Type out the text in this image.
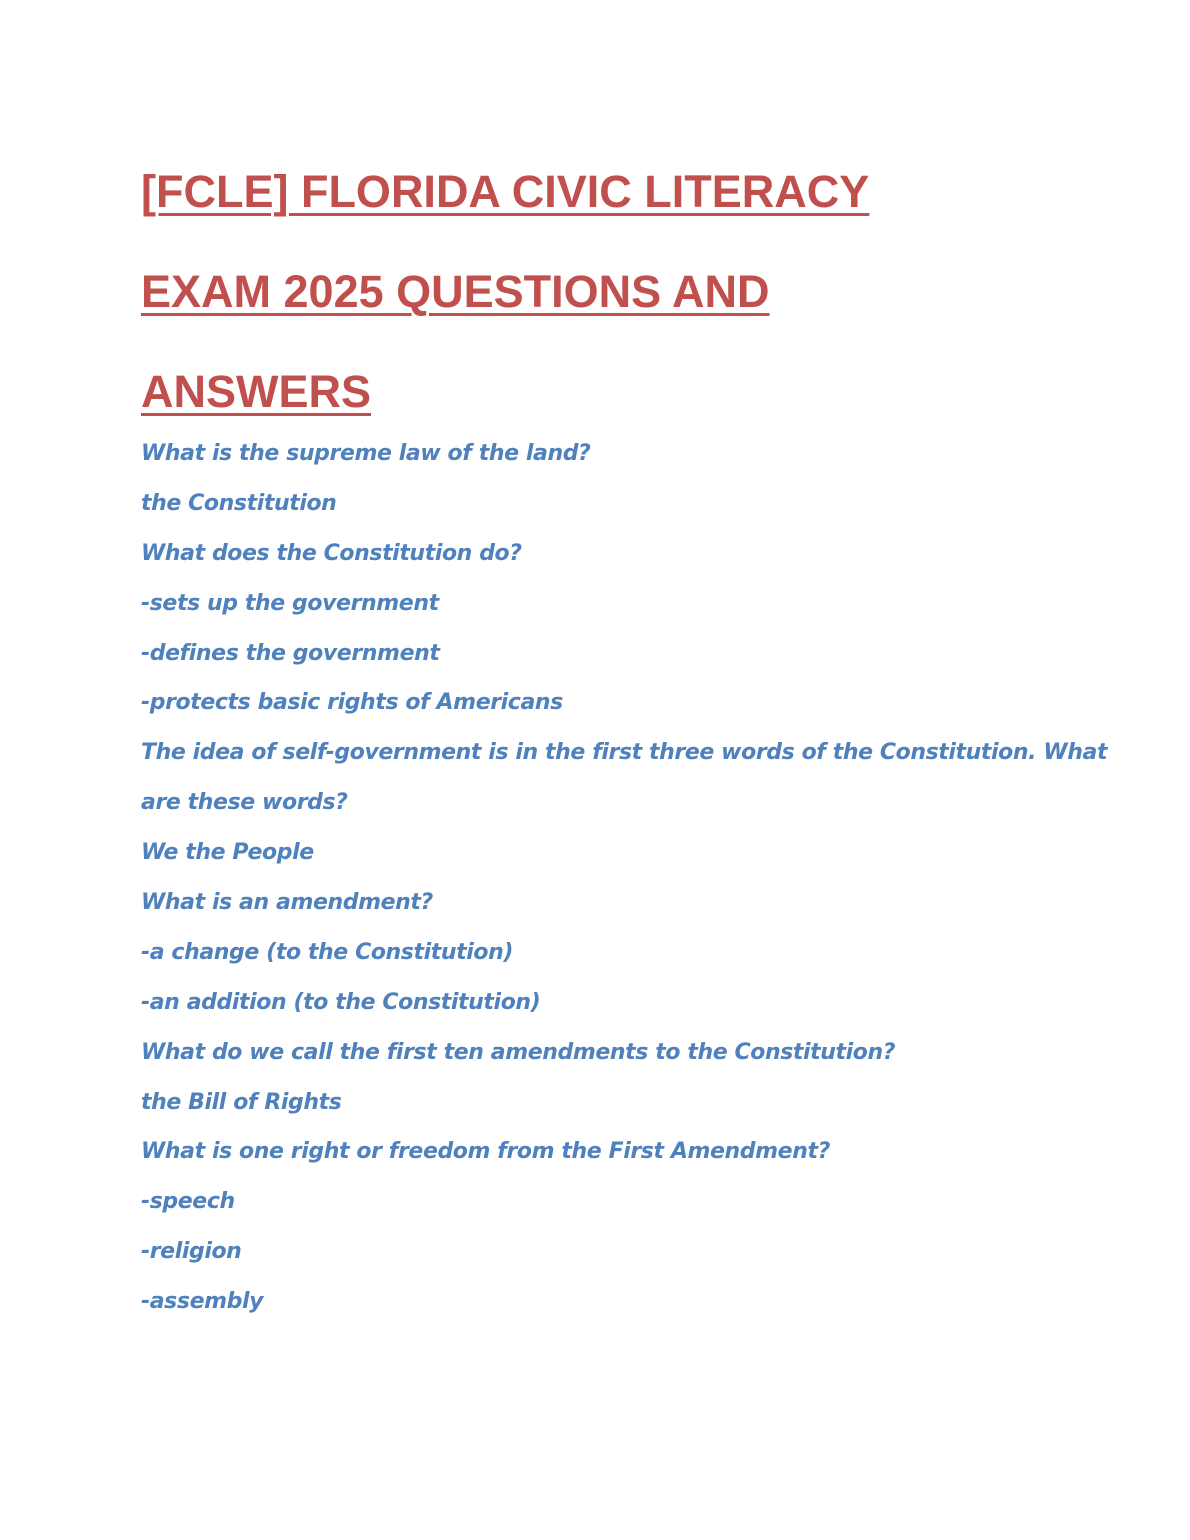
[FCLE] FLORIDA CIVIC LITERACY
EXAM 2025 QUESTIONS AND
ANSWERS
What is the supreme law of the land?
the Constitution
What does the Constitution do?
-sets up the government
-defines the government
-protects basic rights of Americans
The idea of self-government is in the first three words of the Constitution. What
are these words?
We the People
What is an amendment?
-a change (to the Constitution)
-an addition (to the Constitution)
What do we call the first ten amendments to the Constitution?
the Bill of Rights
What is one right or freedom from the First Amendment?
-speech
-religion
-assembly
